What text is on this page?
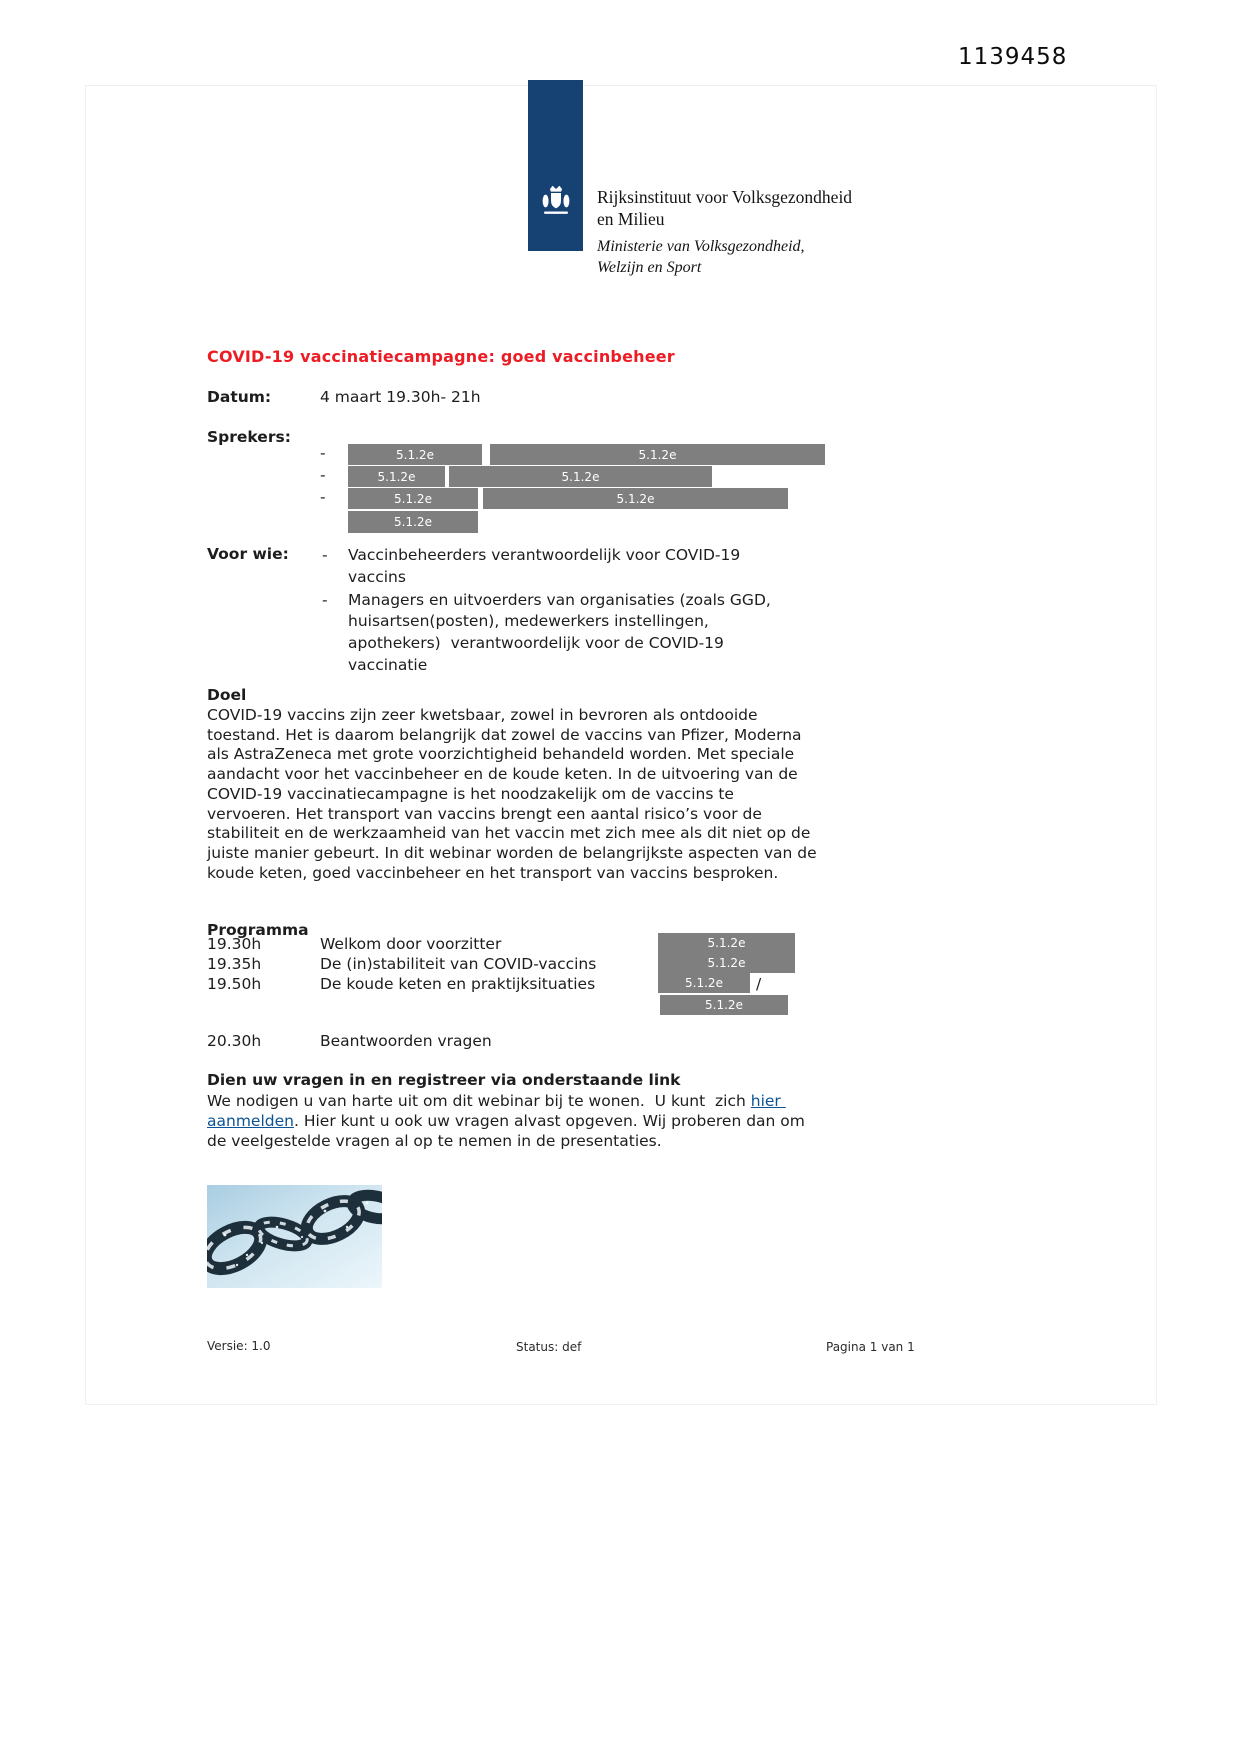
1139458
Rijksinstituut voor Volksgezondheid
en Milieu
Ministerie van Volksgezondheid,
Welzijn en Sport
COVID-19 vaccinatiecampagne: goed vaccinbeheer
Datum:	4 maart 19.30h- 21h
Sprekers:
-	5.1.2e	5.1.2e
-	5.1.2e	5.1.2e
-	5.1.2e	5.1.2e
5.1.2e
Voor wie:	- Vaccinbeheerders verantwoordelijk voor COVID-19 vaccins
- Managers en uitvoerders van organisaties (zoals GGD, huisartsen(posten), medewerkers instellingen, apothekers)  verantwoordelijk voor de COVID-19 vaccinatie
Doel
COVID-19 vaccins zijn zeer kwetsbaar, zowel in bevroren als ontdooide toestand. Het is daarom belangrijk dat zowel de vaccins van Pfizer, Moderna als AstraZeneca met grote voorzichtigheid behandeld worden. Met speciale aandacht voor het vaccinbeheer en de koude keten. In de uitvoering van de COVID-19 vaccinatiecampagne is het noodzakelijk om de vaccins te vervoeren. Het transport van vaccins brengt een aantal risico’s voor de stabiliteit en de werkzaamheid van het vaccin met zich mee als dit niet op de juiste manier gebeurt. In dit webinar worden de belangrijkste aspecten van de koude keten, goed vaccinbeheer en het transport van vaccins besproken.
Programma
19.30h	Welkom door voorzitter	5.1.2e
19.35h	De (in)stabiliteit van COVID-vaccins	5.1.2e
19.50h	De koude keten en praktijksituaties	5.1.2e	/
5.1.2e
20.30h	Beantwoorden vragen
Dien uw vragen in en registreer via onderstaande link
We nodigen u van harte uit om dit webinar bij te wonen.  U kunt  zich hier aanmelden. Hier kunt u ook uw vragen alvast opgeven. Wij proberen dan om de veelgestelde vragen al op te nemen in de presentaties.
Versie: 1.0	Status: def	Pagina 1 van 1
